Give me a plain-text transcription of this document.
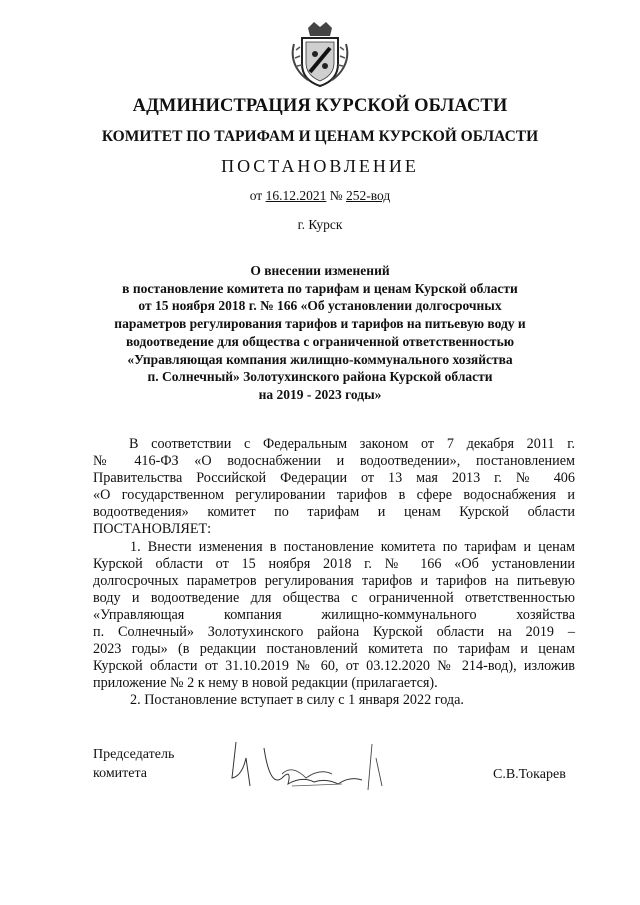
АДМИНИСТРАЦИЯ КУРСКОЙ ОБЛАСТИ
КОМИТЕТ ПО ТАРИФАМ И ЦЕНАМ КУРСКОЙ ОБЛАСТИ
ПОСТАНОВЛЕНИЕ
от 16.12.2021 № 252-вод
г. Курск
О внесении изменений
в постановление комитета по тарифам и ценам Курской области
от 15 ноября 2018 г. № 166 «Об установлении долгосрочных
параметров регулирования тарифов и тарифов на питьевую воду и
водоотведение для общества с ограниченной ответственностью
«Управляющая компания жилищно-коммунального хозяйства
п. Солнечный» Золотухинского района Курской области
на 2019 - 2023 годы»
В соответствии с Федеральным законом от 7 декабря 2011 г.
№ 416-ФЗ «О водоснабжении и водоотведении», постановлением
Правительства Российской Федерации от 13 мая 2013 г. № 406
«О государственном регулировании тарифов в сфере водоснабжения и
водоотведения» комитет по тарифам и ценам Курской области
ПОСТАНОВЛЯЕТ:
1. Внести изменения в постановление комитета по тарифам и ценам
Курской области от 15 ноября 2018 г. № 166 «Об установлении
долгосрочных параметров регулирования тарифов и тарифов на питьевую
воду и водоотведение для общества с ограниченной ответственностью
«Управляющая компания жилищно-коммунального хозяйства
п. Солнечный» Золотухинского района Курской области на 2019 –
2023 годы» (в редакции постановлений комитета по тарифам и ценам
Курской области от 31.10.2019 № 60, от 03.12.2020 № 214-вод), изложив
приложение № 2 к нему в новой редакции (прилагается).
2. Постановление вступает в силу с 1 января 2022 года.
Председатель
комитета	С.В.Токарев
